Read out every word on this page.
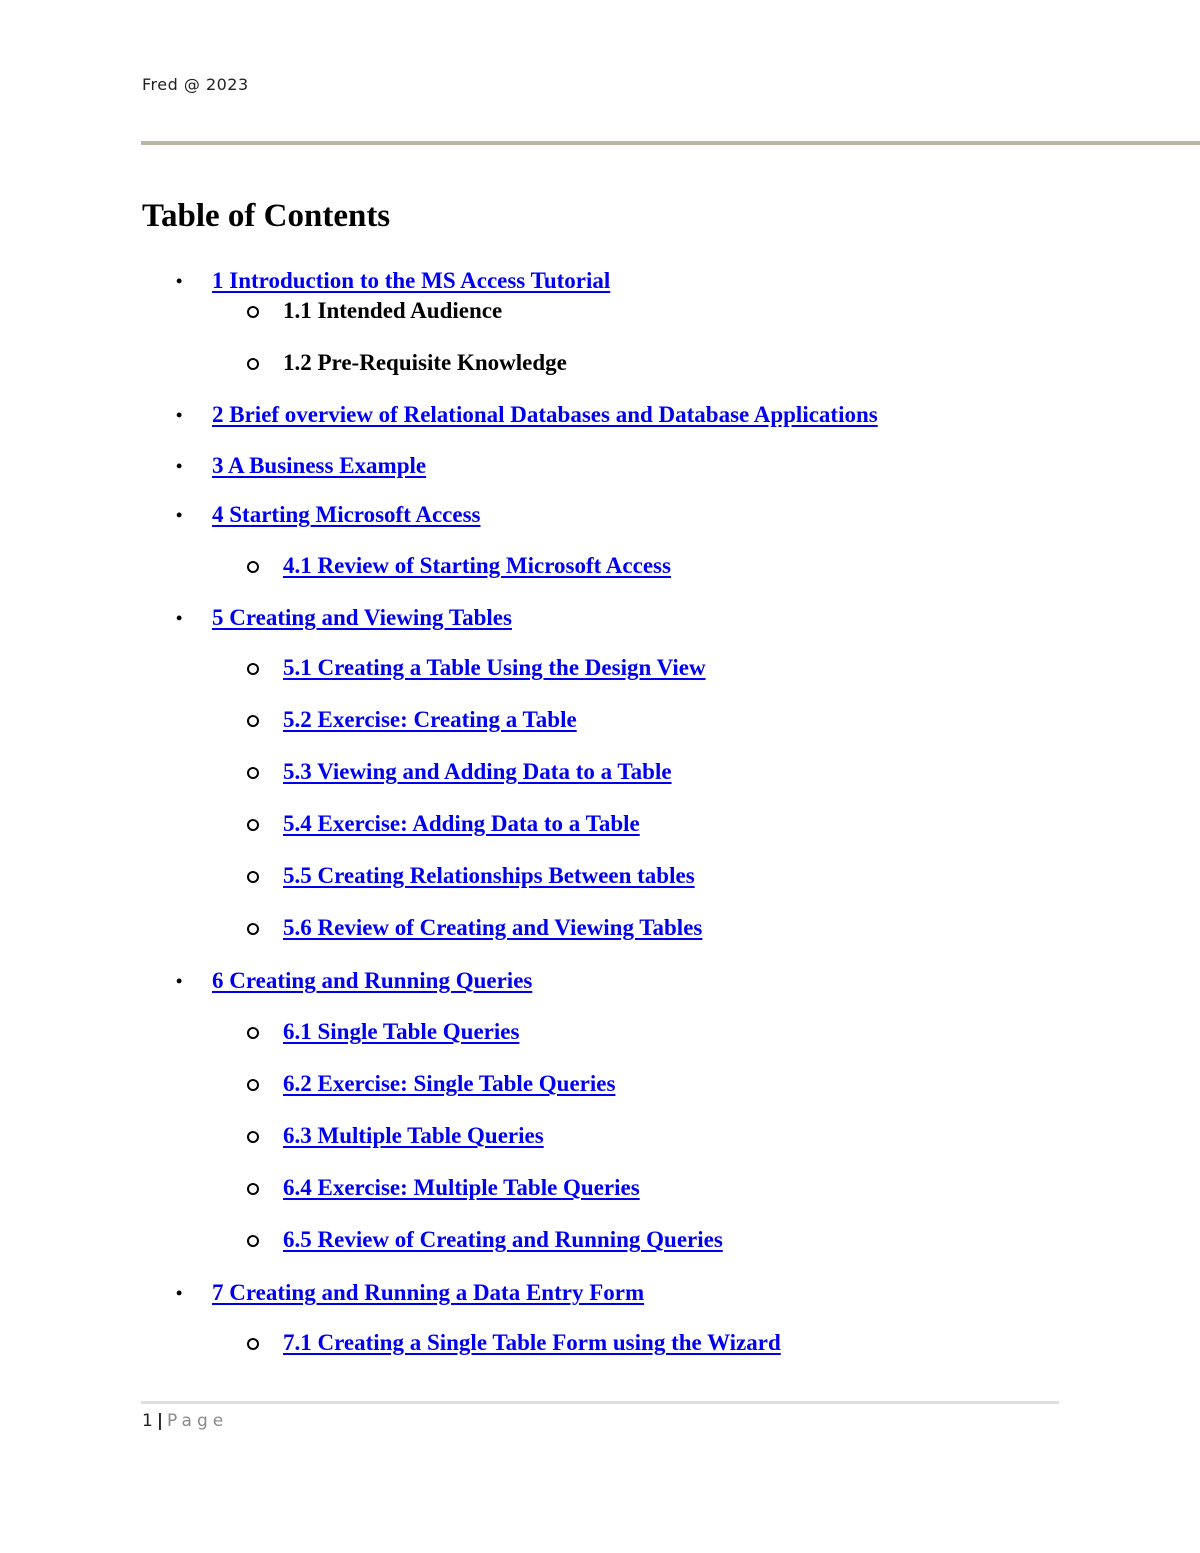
Fred @ 2023
Table of Contents
• 1 Introduction to the MS Access Tutorial
1.1 Intended Audience
1.2 Pre-Requisite Knowledge
• 2 Brief overview of Relational Databases and Database Applications
• 3 A Business Example
• 4 Starting Microsoft Access
4.1 Review of Starting Microsoft Access
• 5 Creating and Viewing Tables
5.1 Creating a Table Using the Design View
5.2 Exercise: Creating a Table
5.3 Viewing and Adding Data to a Table
5.4 Exercise: Adding Data to a Table
5.5 Creating Relationships Between tables
5.6 Review of Creating and Viewing Tables
• 6 Creating and Running Queries
6.1 Single Table Queries
6.2 Exercise: Single Table Queries
6.3 Multiple Table Queries
6.4 Exercise: Multiple Table Queries
6.5 Review of Creating and Running Queries
• 7 Creating and Running a Data Entry Form
7.1 Creating a Single Table Form using the Wizard
1 | Page
